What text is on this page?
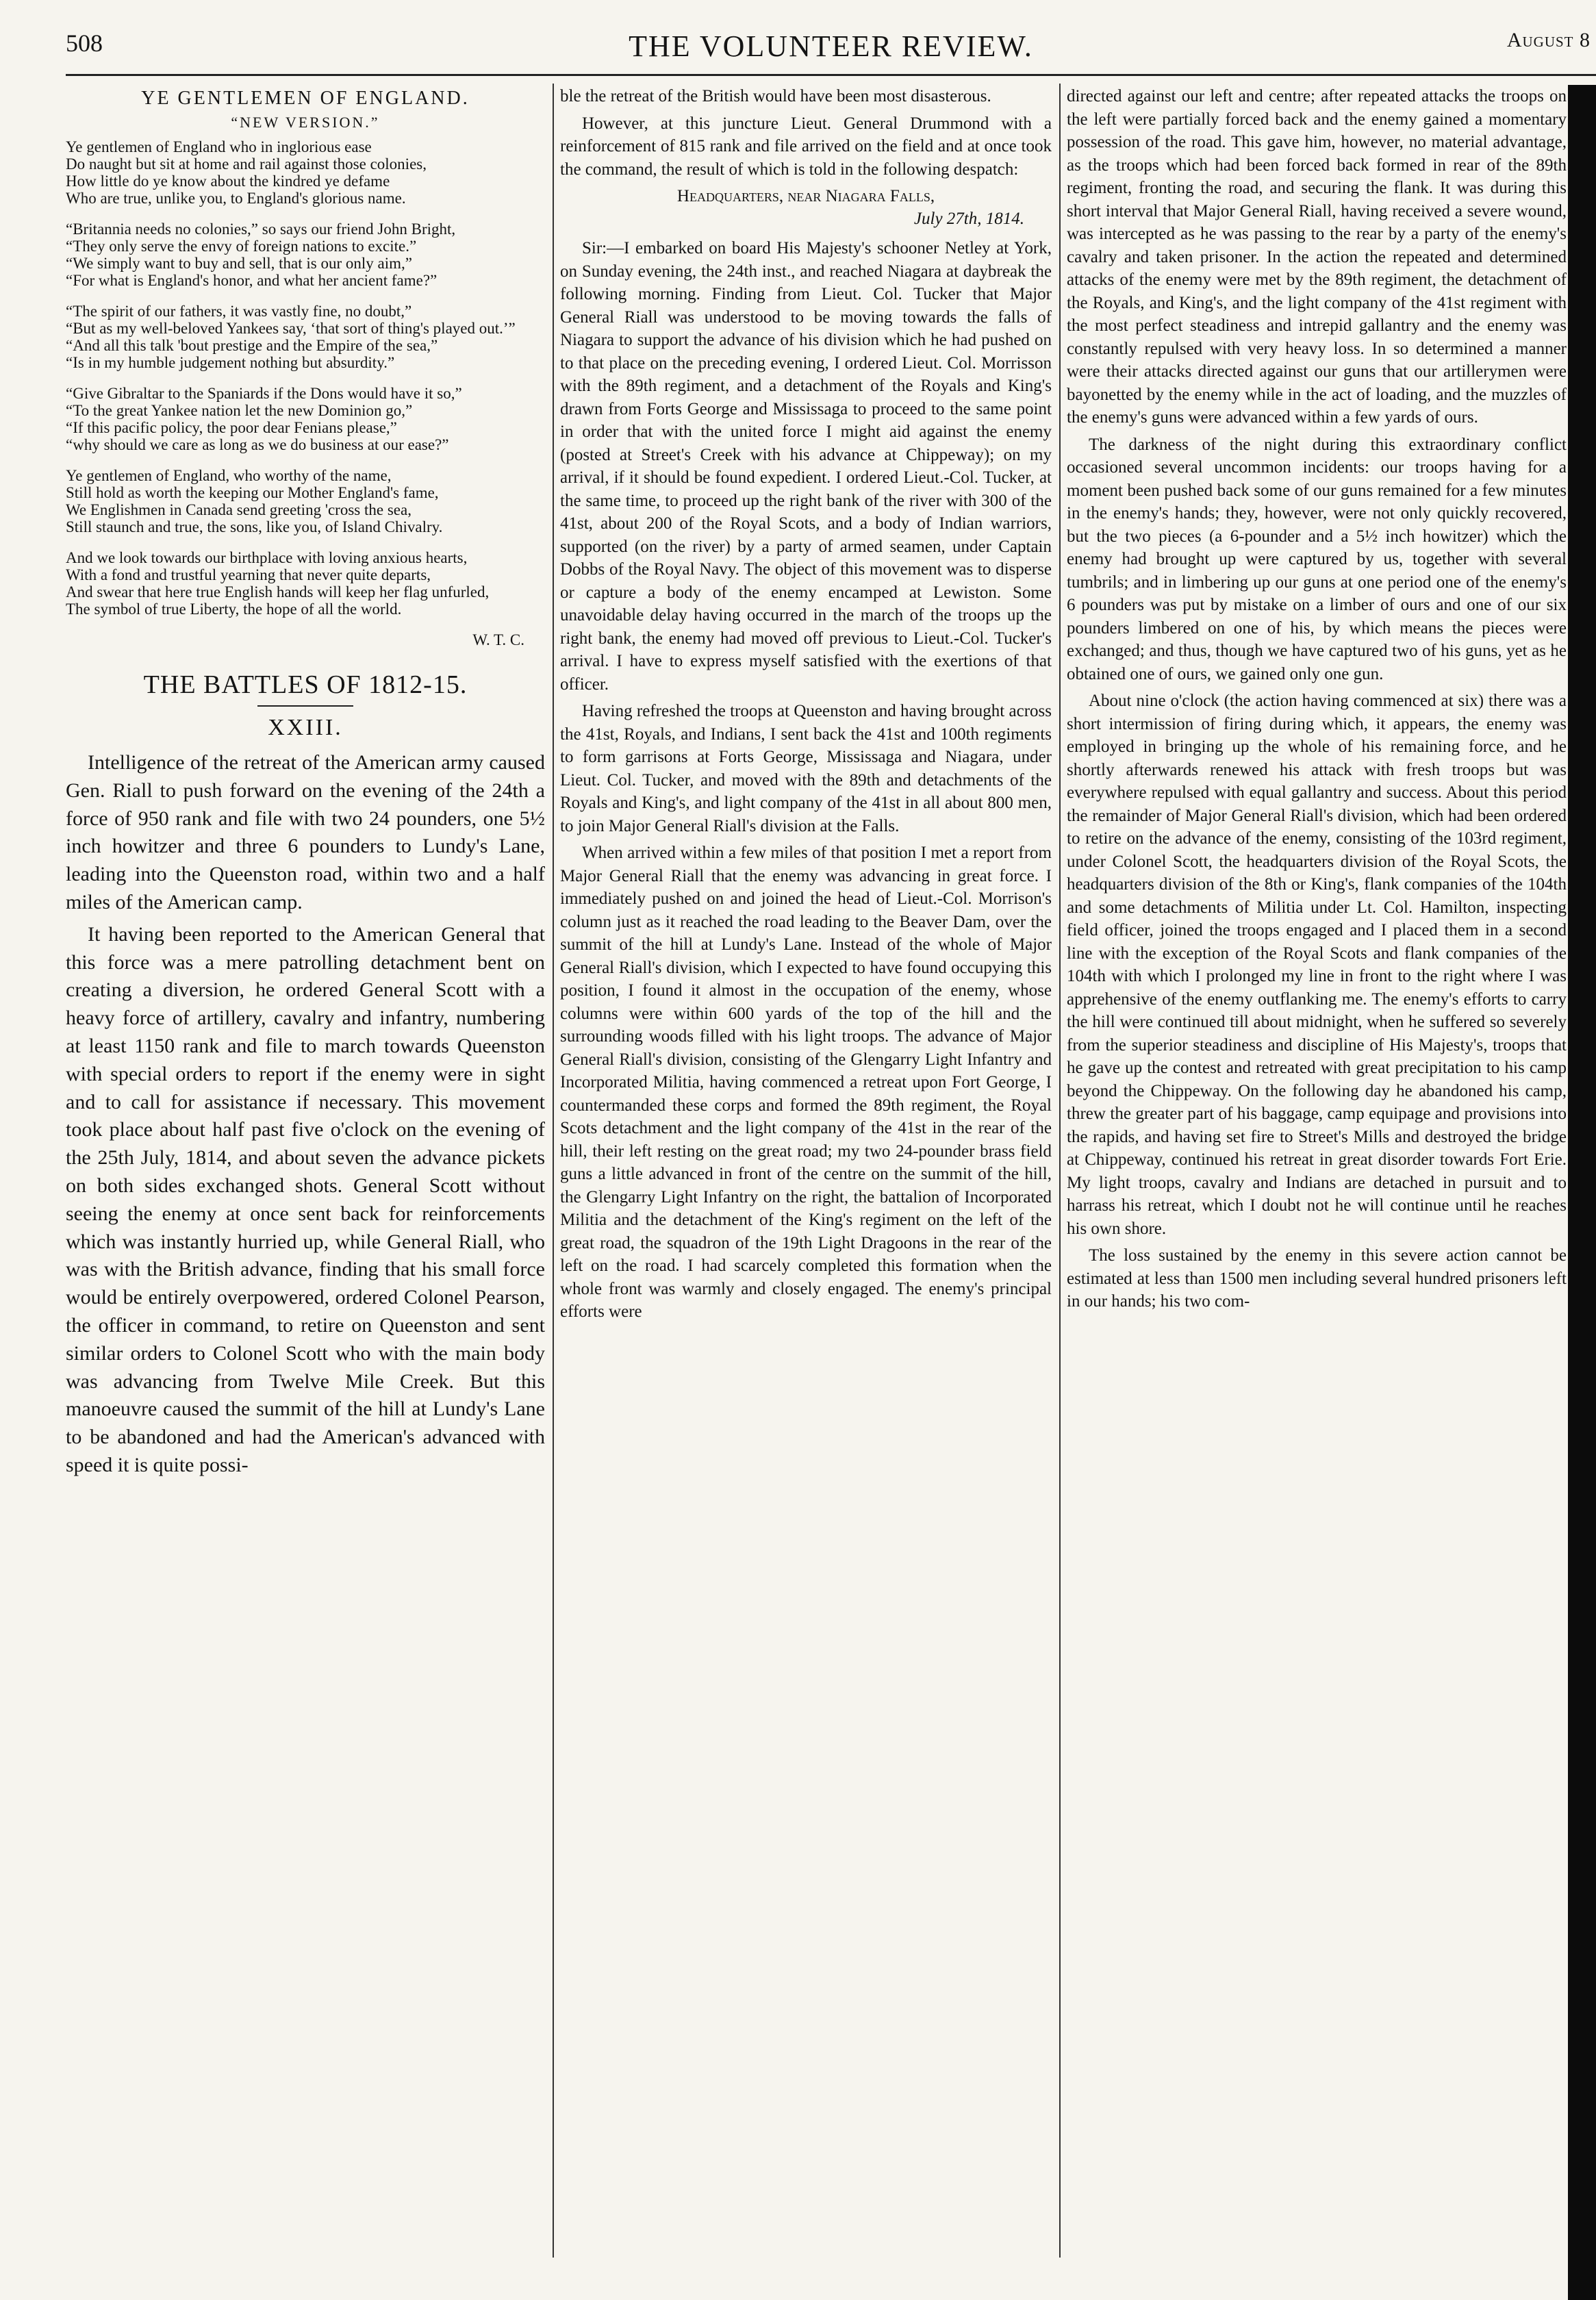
508	THE VOLUNTEER REVIEW.	August 8
YE GENTLEMEN OF ENGLAND.
“NEW VERSION.”
Ye gentlemen of England who in inglorious ease
Do naught but sit at home and rail against those colonies,
How little do ye know about the kindred ye defame
Who are true, unlike you, to England's glorious name.
“Britannia needs no colonies,” so says our friend John Bright,
“They only serve the envy of foreign nations to excite.”
“We simply want to buy and sell, that is our only aim,”
“For what is England's honor, and what her ancient fame?”
“The spirit of our fathers, it was vastly fine, no doubt,”
“But as my well-beloved Yankees say, ‘that sort of thing's played out.’”
“And all this talk 'bout prestige and the Empire of the sea,”
“Is in my humble judgement nothing but absurdity.”
“Give Gibraltar to the Spaniards if the Dons would have it so,”
“To the great Yankee nation let the new Dominion go,”
“If this pacific policy, the poor dear Fenians please,”
“why should we care as long as we do business at our ease?”
Ye gentlemen of England, who worthy of the name,
Still hold as worth the keeping our Mother England's fame,
We Englishmen in Canada send greeting 'cross the sea,
Still staunch and true, the sons, like you, of Island Chivalry.
And we look towards our birthplace with loving anxious hearts,
With a fond and trustful yearning that never quite departs,
And swear that here true English hands will keep her flag unfurled,
The symbol of true Liberty, the hope of all the world.
W. T. C.
THE BATTLES OF 1812-15.
XXIII.

Intelligence of the retreat of the American army caused Gen. Riall to push forward on the evening of the 24th a force of 950 rank and file with two 24 pounders, one 5½ inch howitzer and three 6 pounders to Lundy's Lane, leading into the Queenston road, within two and a half miles of the American camp.

It having been reported to the American General that this force was a mere patrolling detachment bent on creating a diversion, he ordered General Scott with a heavy force of artillery, cavalry and infantry, numbering at least 1150 rank and file to march towards Queenston with special orders to report if the enemy were in sight and to call for assistance if necessary. This movement took place about half past five o'clock on the evening of the 25th July, 1814, and about seven the advance pickets on both sides exchanged shots. General Scott without seeing the enemy at once sent back for reinforcements which was instantly hurried up, while General Riall, who was with the British advance, finding that his small force would be entirely overpowered, ordered Colonel Pearson, the officer in command, to retire on Queenston and sent similar orders to Colonel Scott who with the main body was advancing from Twelve Mile Creek. But this manoeuvre caused the summit of the hill at Lundy's Lane to be abandoned and had the American's advanced with speed it is quite possi-

ble the retreat of the British would have been most disasterous.

However, at this juncture Lieut. General Drummond with a reinforcement of 815 rank and file arrived on the field and at once took the command, the result of which is told in the following despatch:

Headquarters, near Niagara Falls,
July 27th, 1814.

Sir:—I embarked on board His Majesty's schooner Netley at York, on Sunday evening, the 24th inst., and reached Niagara at daybreak the following morning. Finding from Lieut. Col. Tucker that Major General Riall was understood to be moving towards the falls of Niagara to support the advance of his division which he had pushed on to that place on the preceding evening, I ordered Lieut. Col. Morrisson with the 89th regiment, and a detachment of the Royals and King's drawn from Forts George and Mississaga to proceed to the same point in order that with the united force I might aid against the enemy (posted at Street's Creek with his advance at Chippeway); on my arrival, if it should be found expedient. I ordered Lieut.-Col. Tucker, at the same time, to proceed up the right bank of the river with 300 of the 41st, about 200 of the Royal Scots, and a body of Indian warriors, supported (on the river) by a party of armed seamen, under Captain Dobbs of the Royal Navy. The object of this movement was to disperse or capture a body of the enemy encamped at Lewiston. Some unavoidable delay having occurred in the march of the troops up the right bank, the enemy had moved off previous to Lieut.-Col. Tucker's arrival. I have to express myself satisfied with the exertions of that officer.

Having refreshed the troops at Queenston and having brought across the 41st, Royals, and Indians, I sent back the 41st and 100th regiments to form garrisons at Forts George, Mississaga and Niagara, under Lieut. Col. Tucker, and moved with the 89th and detachments of the Royals and King's, and light company of the 41st in all about 800 men, to join Major General Riall's division at the Falls.

When arrived within a few miles of that position I met a report from Major General Riall that the enemy was advancing in great force. I immediately pushed on and joined the head of Lieut.-Col. Morrison's column just as it reached the road leading to the Beaver Dam, over the summit of the hill at Lundy's Lane. Instead of the whole of Major General Riall's division, which I expected to have found occupying this position, I found it almost in the occupation of the enemy, whose columns were within 600 yards of the top of the hill and the surrounding woods filled with his light troops. The advance of Major General Riall's division, consisting of the Glengarry Light Infantry and Incorporated Militia, having commenced a retreat upon Fort George, I countermanded these corps and formed the 89th regiment, the Royal Scots detachment and the light company of the 41st in the rear of the hill, their left resting on the great road; my two 24-pounder brass field guns a little advanced in front of the centre on the summit of the hill, the Glengarry Light Infantry on the right, the battalion of Incorporated Militia and the detachment of the King's regiment on the left of the great road, the squadron of the 19th Light Dragoons in the rear of the left on the road. I had scarcely completed this formation when the whole front was warmly and closely engaged. The enemy's principal efforts were

directed against our left and centre; after repeated attacks the troops on the left were partially forced back and the enemy gained a momentary possession of the road. This gave him, however, no material advantage, as the troops which had been forced back formed in rear of the 89th regiment, fronting the road, and securing the flank. It was during this short interval that Major General Riall, having received a severe wound, was intercepted as he was passing to the rear by a party of the enemy's cavalry and taken prisoner. In the action the repeated and determined attacks of the enemy were met by the 89th regiment, the detachment of the Royals, and King's, and the light company of the 41st regiment with the most perfect steadiness and intrepid gallantry and the enemy was constantly repulsed with very heavy loss. In so determined a manner were their attacks directed against our guns that our artillerymen were bayonetted by the enemy while in the act of loading, and the muzzles of the enemy's guns were advanced within a few yards of ours.

The darkness of the night during this extraordinary conflict occasioned several uncommon incidents: our troops having for a moment been pushed back some of our guns remained for a few minutes in the enemy's hands; they, however, were not only quickly recovered, but the two pieces (a 6-pounder and a 5½ inch howitzer) which the enemy had brought up were captured by us, together with several tumbrils; and in limbering up our guns at one period one of the enemy's 6 pounders was put by mistake on a limber of ours and one of our six pounders limbered on one of his, by which means the pieces were exchanged; and thus, though we have captured two of his guns, yet as he obtained one of ours, we gained only one gun.

About nine o'clock (the action having commenced at six) there was a short intermission of firing during which, it appears, the enemy was employed in bringing up the whole of his remaining force, and he shortly afterwards renewed his attack with fresh troops but was everywhere repulsed with equal gallantry and success. About this period the remainder of Major General Riall's division, which had been ordered to retire on the advance of the enemy, consisting of the 103rd regiment, under Colonel Scott, the headquarters division of the Royal Scots, the headquarters division of the 8th or King's, flank companies of the 104th and some detachments of Militia under Lt. Col. Hamilton, inspecting field officer, joined the troops engaged and I placed them in a second line with the exception of the Royal Scots and flank companies of the 104th with which I prolonged my line in front to the right where I was apprehensive of the enemy outflanking me. The enemy's efforts to carry the hill were continued till about midnight, when he suffered so severely from the superior steadiness and discipline of His Majesty's, troops that he gave up the contest and retreated with great precipitation to his camp beyond the Chippeway. On the following day he abandoned his camp, threw the greater part of his baggage, camp equipage and provisions into the rapids, and having set fire to Street's Mills and destroyed the bridge at Chippeway, continued his retreat in great disorder towards Fort Erie. My light troops, cavalry and Indians are detached in pursuit and to harrass his retreat, which I doubt not he will continue until he reaches his own shore.

The loss sustained by the enemy in this severe action cannot be estimated at less than 1500 men including several hundred prisoners left in our hands; his two com-
